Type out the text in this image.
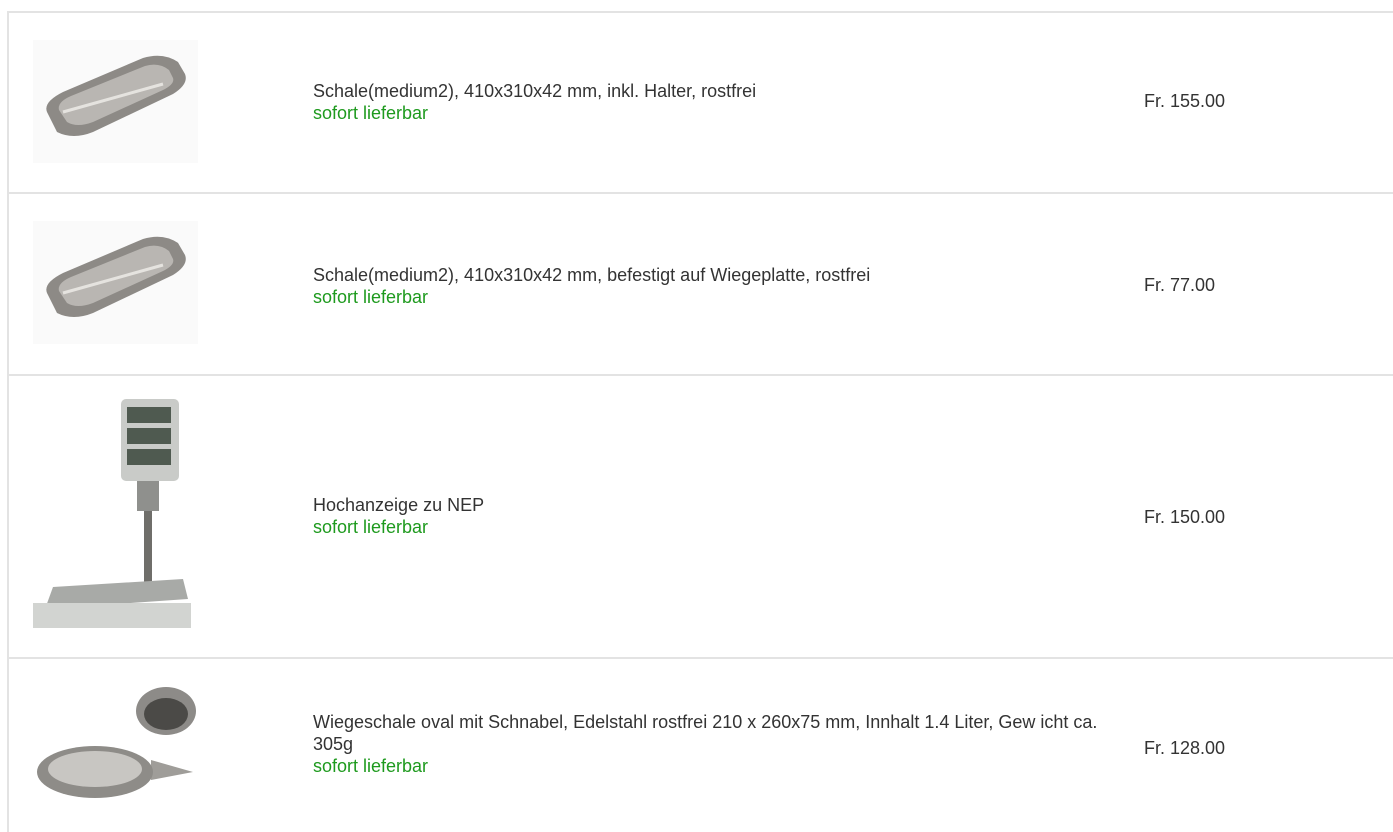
Schale(medium2), 410x310x42 mm, inkl. Halter, rostfrei
sofort lieferbar
Fr. 155.00
Schale(medium2), 410x310x42 mm, befestigt auf Wiegeplatte, rostfrei
sofort lieferbar
Fr. 77.00
Hochanzeige zu NEP
sofort lieferbar	Fr. 150.00
Wiegeschale oval mit Schnabel, Edelstahl rostfrei 210 x 260x75 mm, Innhalt 1.4 Liter, Gew icht ca. 305g
sofort lieferbar
Fr. 128.00
